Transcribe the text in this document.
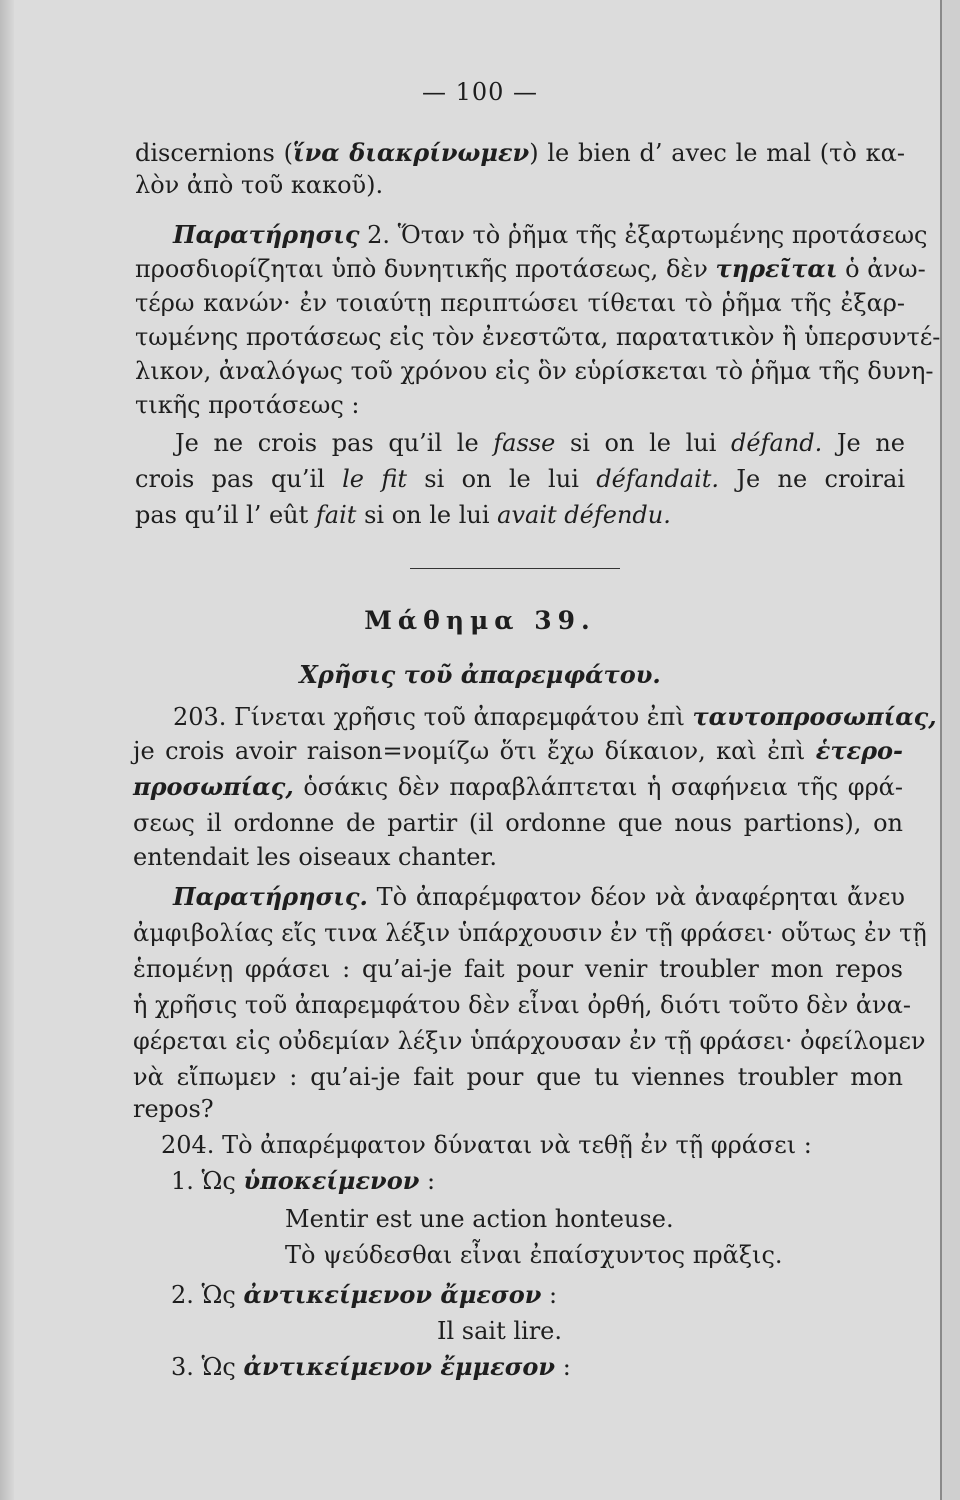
— 100 —
discernions (ἵνα διακρίνωμεν) le bien d’ avec le mal (τὸ κα-
λὸν ἀπὸ τοῦ κακοῦ).
Παρατήρησις 2. Ὅταν τὸ ῥῆμα τῆς ἐξαρτωμένης προτάσεως
προσδιορίζηται ὑπὸ δυνητικῆς προτάσεως, δὲν τηρεῖται ὁ ἀνω-
τέρω κανών· ἐν τοιαύτῃ περιπτώσει τίθεται τὸ ῥῆμα τῆς ἐξαρ-
τωμένης προτάσεως εἰς τὸν ἐνεστῶτα, παρατατικὸν ἢ ὑπερσυντέ-
λικον, ἀναλόγως τοῦ χρόνου εἰς ὃν εὑρίσκεται τὸ ῥῆμα τῆς δυνη-
τικῆς προτάσεως :
Je ne crois pas qu’il le fasse si on le lui défand. Je ne
crois pas qu’il le fit si on le lui défandait. Je ne croirai
pas qu’il l’ eût fait si on le lui avait défendu.
Μάθημα 39.
Χρῆσις τοῦ ἀπαρεμφάτου.
203. Γίνεται χρῆσις τοῦ ἀπαρεμφάτου ἐπὶ ταυτοπροσωπίας,
je crois avoir raison=νομίζω ὅτι ἔχω δίκαιον, καὶ ἐπὶ ἑτερο-
προσωπίας, ὁσάκις δὲν παραβλάπτεται ἡ σαφήνεια τῆς φρά-
σεως il ordonne de partir (il ordonne que nous partions), on
entendait les oiseaux chanter.
Παρατήρησις. Τὸ ἀπαρέμφατον δέον νὰ ἀναφέρηται ἄνευ
ἀμφιβολίας εἴς τινα λέξιν ὑπάρχουσιν ἐν τῇ φράσει· οὕτως ἐν τῇ
ἑπομένῃ φράσει : qu’ai-je fait pour venir troubler mon repos
ἡ χρῆσις τοῦ ἀπαρεμφάτου δὲν εἶναι ὀρθή, διότι τοῦτο δὲν ἀνα-
φέρεται εἰς οὐδεμίαν λέξιν ὑπάρχουσαν ἐν τῇ φράσει· ὀφείλομεν
νὰ εἴπωμεν : qu’ai-je fait pour que tu viennes troubler mon
repos?
204. Τὸ ἀπαρέμφατον δύναται νὰ τεθῇ ἐν τῇ φράσει :
1. Ὡς ὑποκείμενον :
Mentir est une action honteuse.
Τὸ ψεύδεσθαι εἶναι ἐπαίσχυντος πρᾶξις.
2. Ὡς ἀντικείμενον ἄμεσον :
Il sait lire.
3. Ὡς ἀντικείμενον ἔμμεσον :
